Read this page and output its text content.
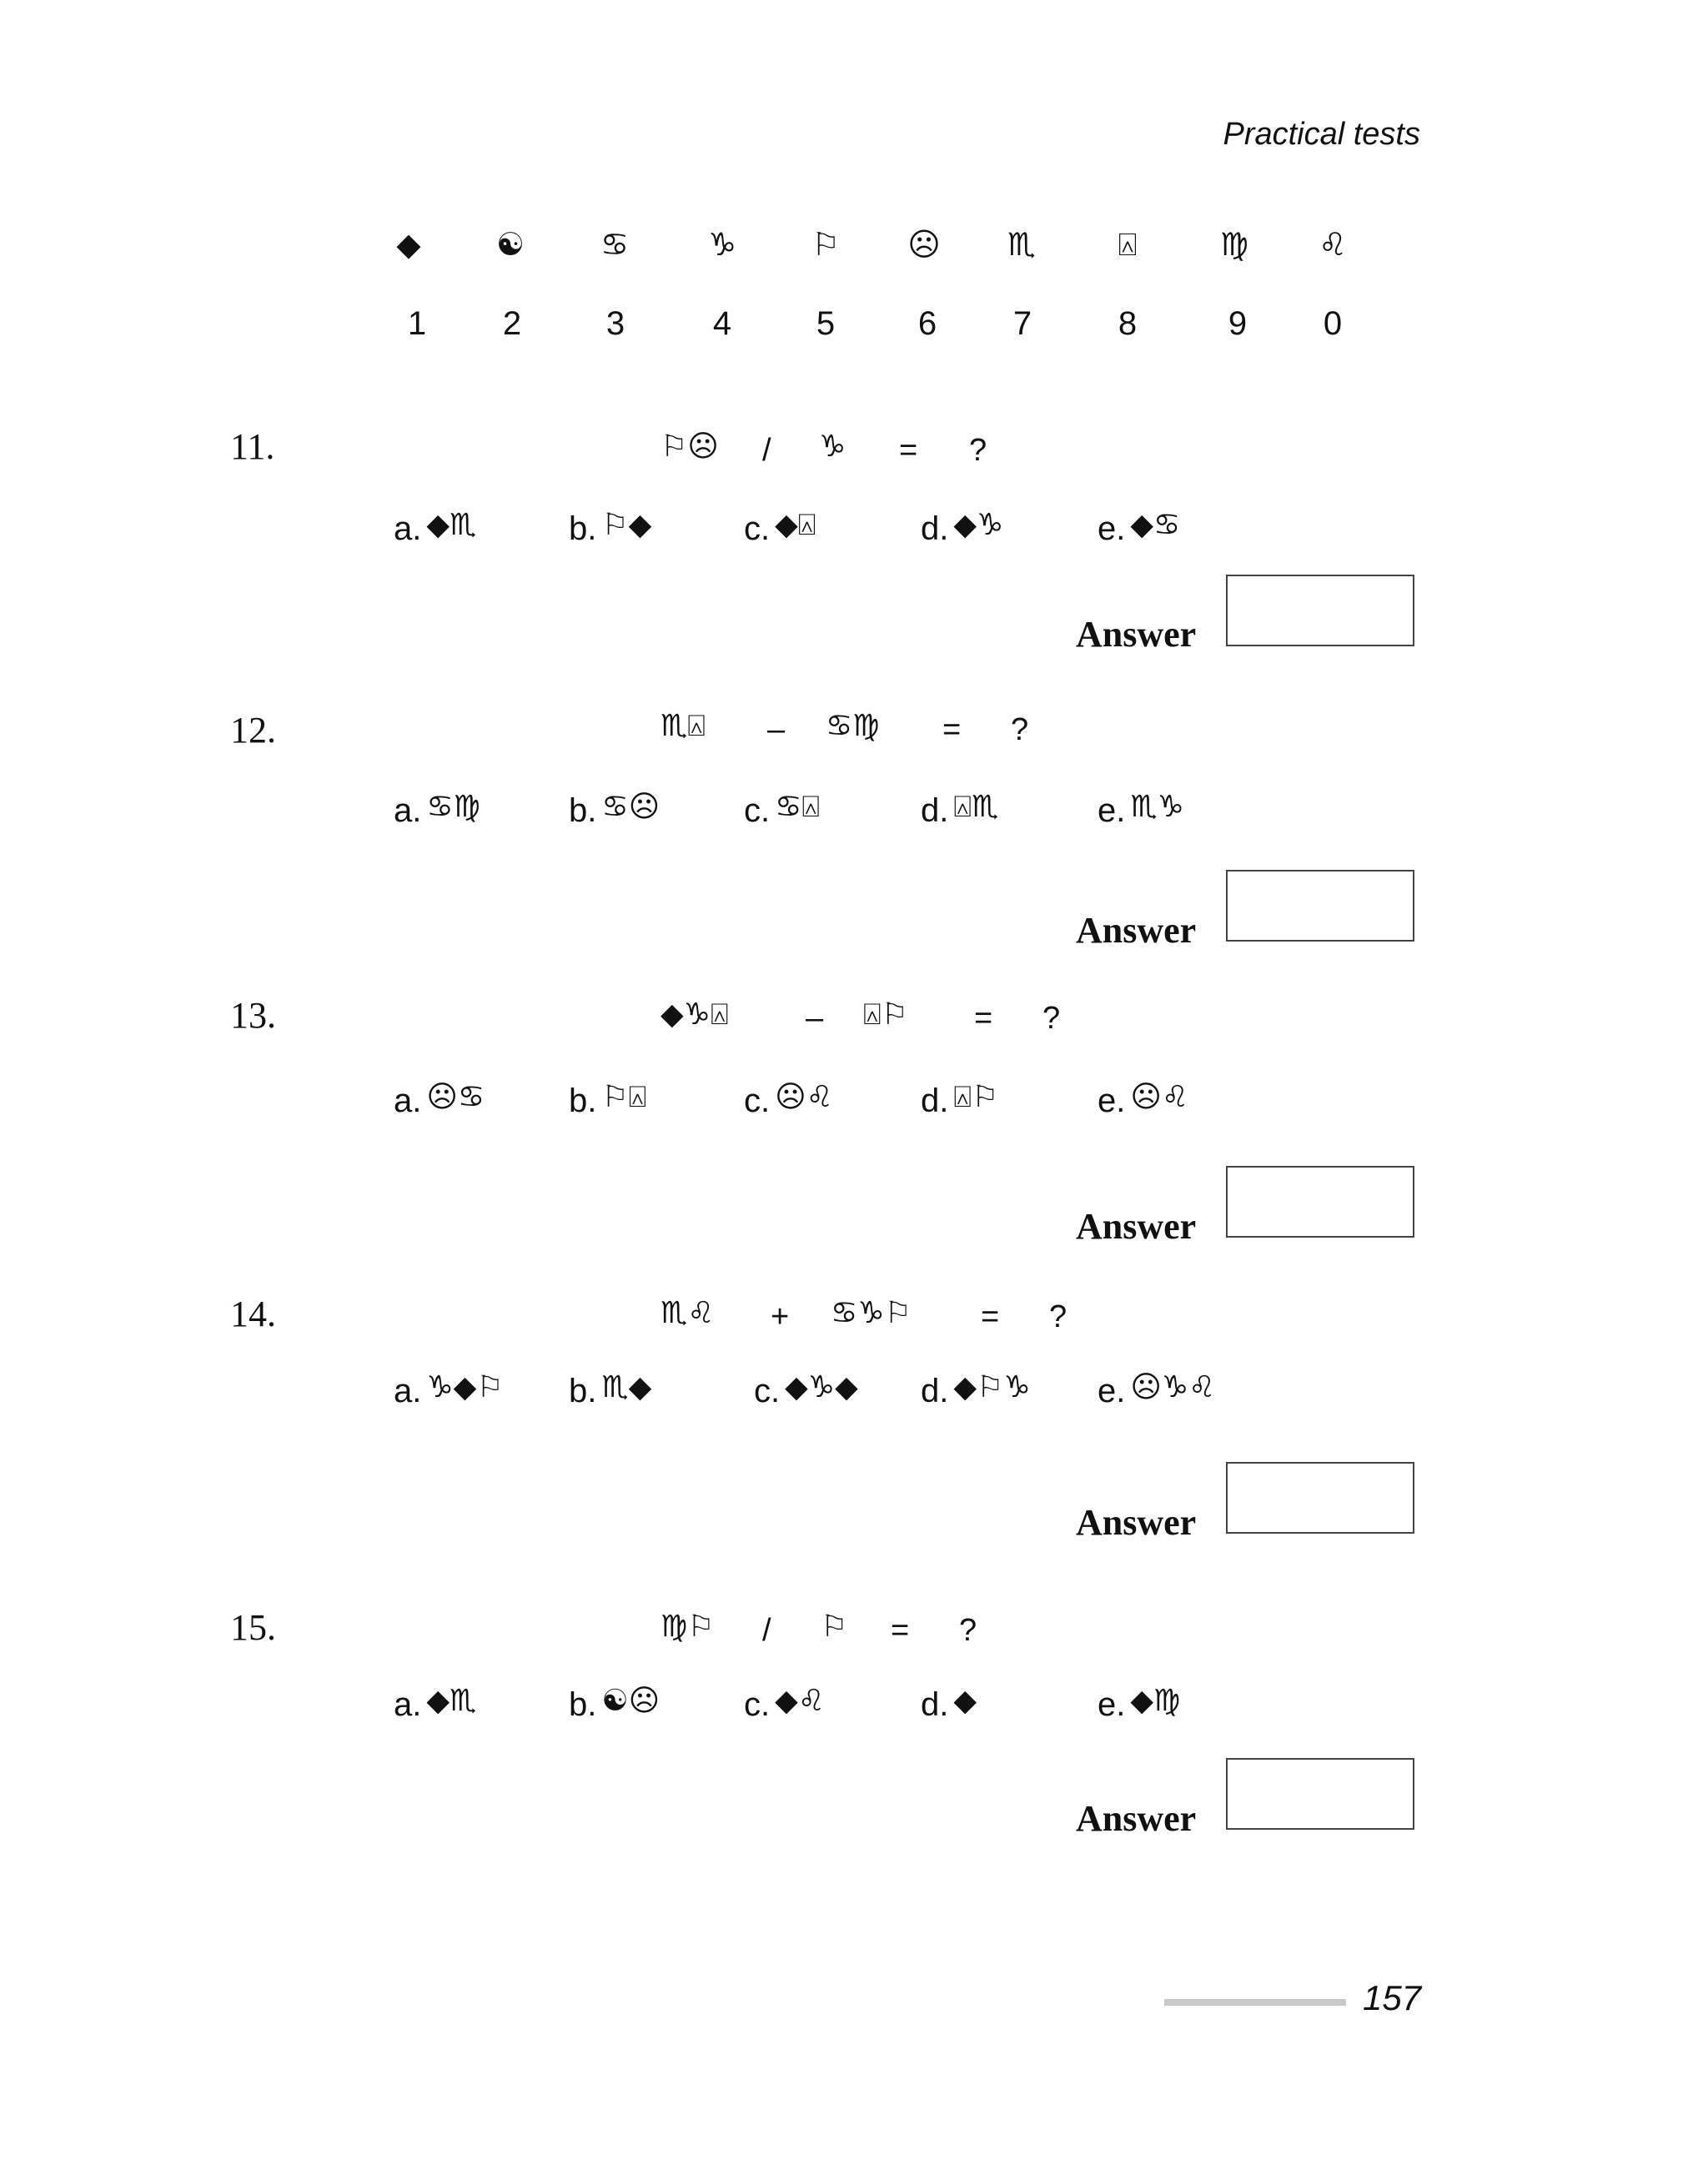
Practical tests
◆ ☯ ♋ ♑ ⚐ ☹ ♏	⍓	♍ ♌
1 2	3	4	5 6 7	8	9 0
11.	⚐☹ / ♑ = ?
a. ◆♏	b. ⚐◆	c. ◆⍓	d. ◆♑	e. ◆♋
Answer
12.	♏⍓ – ♋♍ = ?
a. ♋♍	b. ♋☹	c. ♋⍓	d. ⍓♏	e. ♏♑
Answer
13.	◆♑⍓ – ⍓⚐ = ?
a. ☹♋	b. ⚐⍓	c. ☹♌	d. ⍓⚐	e. ☹♌
Answer
14.	♏♌ + ♋♑⚐ = ?
a. ♑◆⚐ b. ♏◆	c. ◆♑◆ d. ◆⚐♑ e. ☹♑♌
Answer
15.	♍⚐ / ⚐ = ?
a. ◆♏	b. ☯☹	c. ◆♌	d. ◆	e. ◆♍
Answer
157
